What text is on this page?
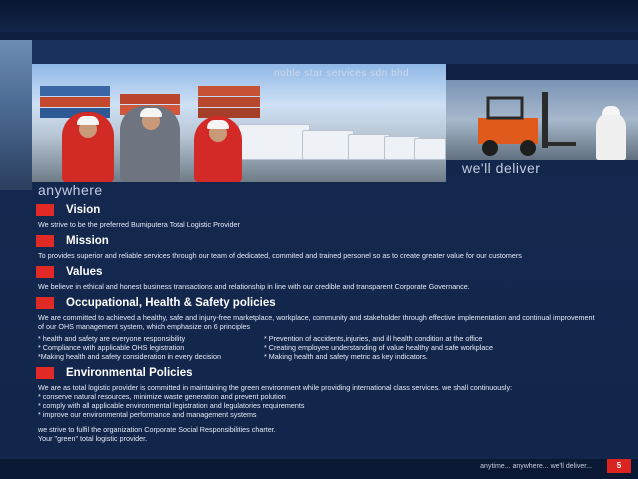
noble star services sdn bhd
anywhere
we'll deliver
Vision
We strive to be the preferred Bumiputera Total Logistic Provider
Mission
To provides superior and reliable services through our team of dedicated, commited and trained personel so as to create greater value for our customers
Values
We believe in ethical and honest business transactions and relationship in line with our credible and transparent Corporate Governance.
Occupational, Health & Safety policies
We are committed to achieved a healthy, safe and injury-free marketplace, workplace, community and stakeholder through effective implementation and continual improvement of our OHS management system, which emphasize on 6 principles
* health and safety are everyone responsibility	* Prevention of accidents,injuries, and ill health condition at the office
* Compliance with applicable OHS legistration	* Creating employee understanding of value healthy and safe workplace
*Making health and safety consideration in every decision	* Making health and safety metric as key indicators.
Environmental Policies
We are as total logistic provider is committed in maintaining the green environment while providing international class services. we shall continuously:
* conserve natural resources, minimize waste generation and prevent polution
* comply with all applicable environmental legistration and legulatories requirements
* improve our environmental performance and management systems
we strive to fulfil the organization Corporate Social Responsibilities charter.
Your "green" total logistic provider.
anytime... anywhere... we'll deliver...	5
